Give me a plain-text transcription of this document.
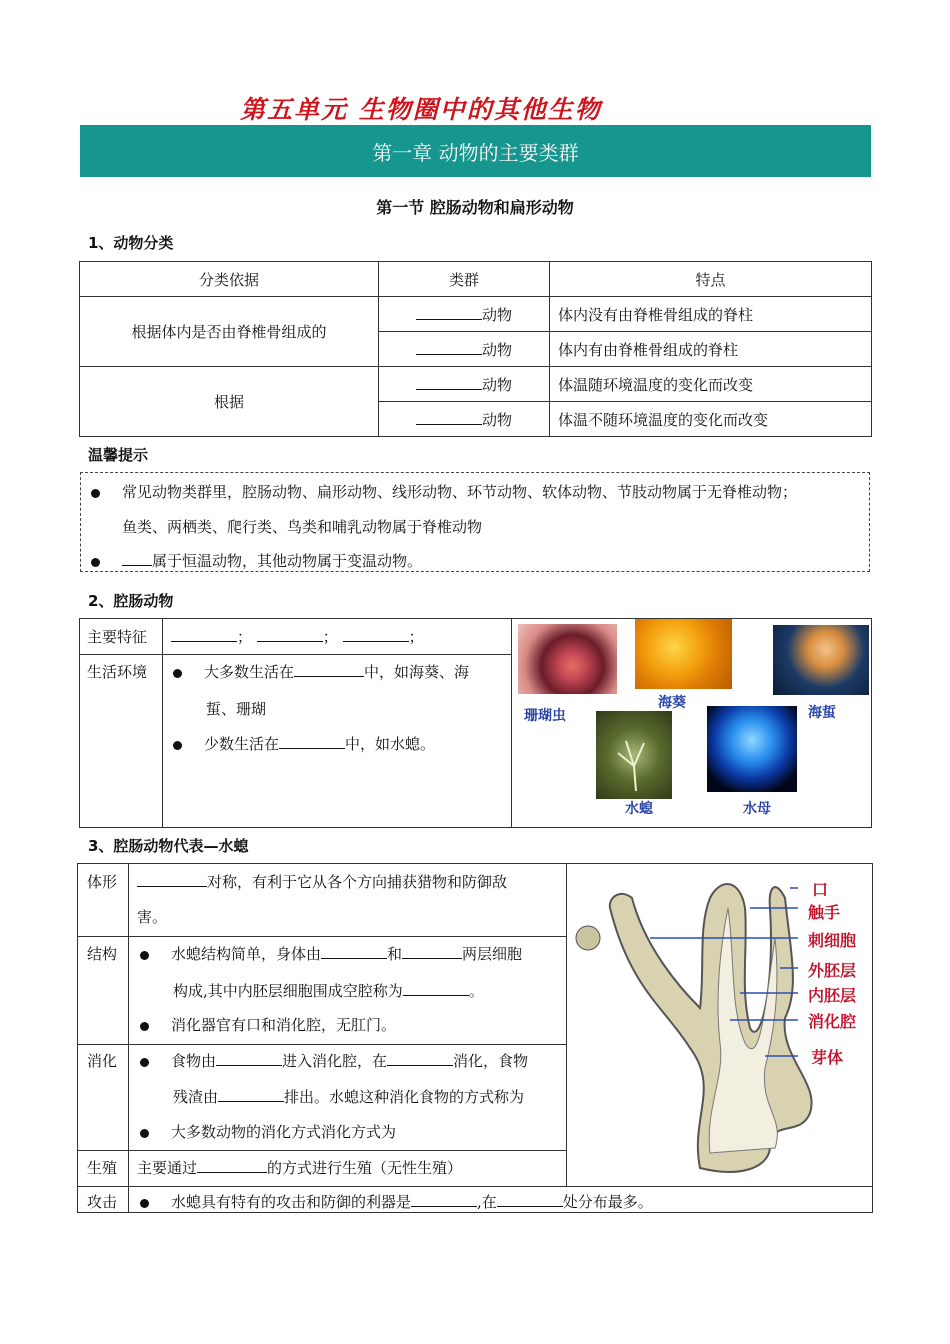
第五单元 生物圈中的其他生物
第一章 动物的主要类群
第一节 腔肠动物和扁形动物
1、动物分类
分类依据	类群	特点
根据体内是否由脊椎骨组成的	动物	体内没有由脊椎骨组成的脊柱
	动物	体内有由脊椎骨组成的脊柱
根据	动物	体温随环境温度的变化而改变
	动物	体温不随环境温度的变化而改变
温馨提示
常见动物类群里，腔肠动物、扁形动物、线形动物、环节动物、软体动物、节肢动物属于无脊椎动物；
鱼类、两栖类、爬行类、鸟类和哺乳动物属于脊椎动物
属于恒温动物，其他动物属于变温动物。
2、腔肠动物
主要特征	；	；	；
生活环境	大多数生活在	中，如海葵、海
蜇、珊瑚
少数生活在	中，如水螅。
珊瑚虫
海葵
海蜇
水螅	水母
3、腔肠动物代表—水螅
体形	对称，有利于它从各个方向捕获猎物和防御敌
害。
结构	水螅结构简单，身体由	和	两层细胞
构成,其中内胚层细胞围成空腔称为	。
消化器官有口和消化腔，无肛门。
消化	食物由	进入消化腔，在	消化，食物
残渣由	排出。水螅这种消化食物的方式称为
大多数动物的消化方式消化方式为
生殖 主要通过	的方式进行生殖（无性生殖）
攻击	水螅具有特有的攻击和防御的利器是	,在	处分布最多。
口
触手
刺细胞
外胚层
内胚层
消化腔
芽体
